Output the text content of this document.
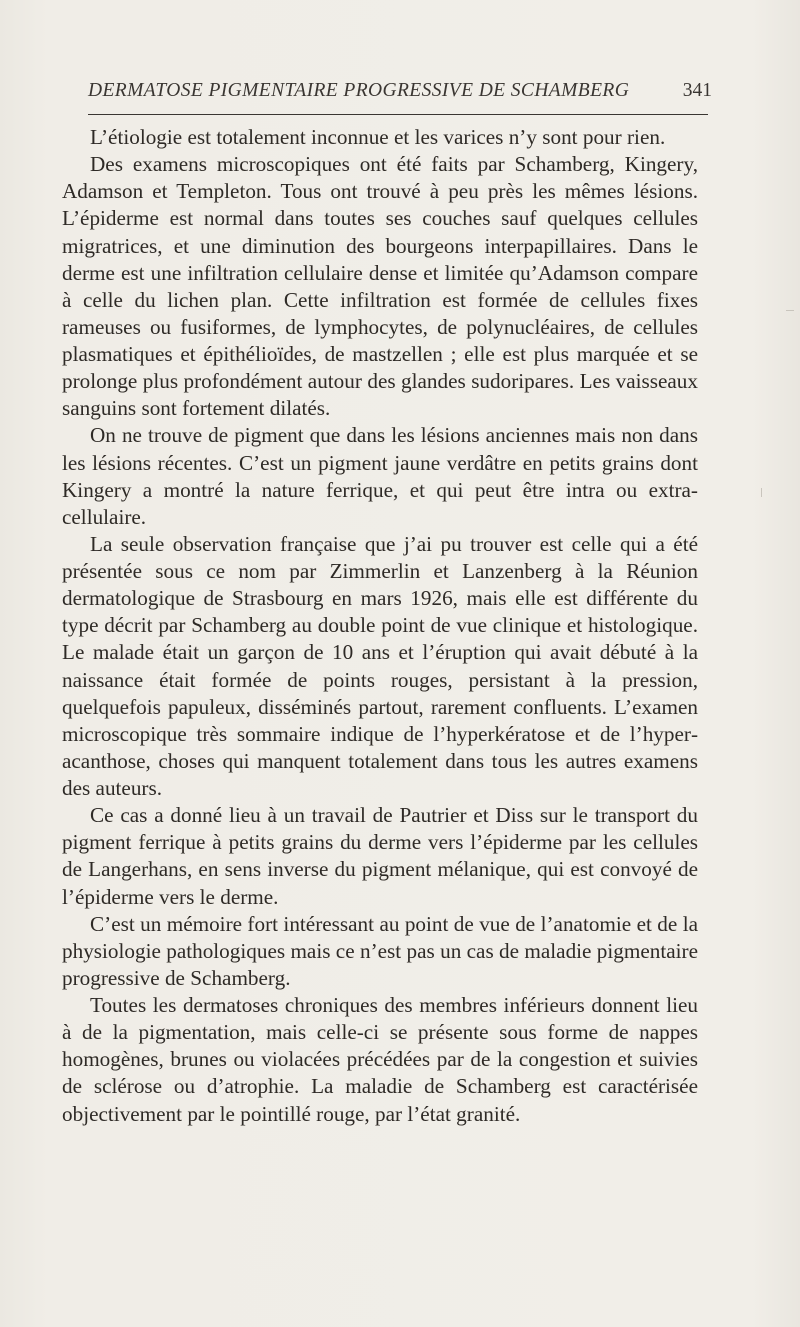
DERMATOSE PIGMENTAIRE PROGRESSIVE DE SCHAMBERG	341

L’étiologie est totalement inconnue et les varices n’y sont pour rien.

Des examens microscopiques ont été faits par Schamberg, Kingery, Adamson et Templeton. Tous ont trouvé à peu près les mêmes lésions. L’épiderme est normal dans toutes ses couches sauf quelques cellules migratrices, et une diminution des bourgeons interpapillaires. Dans le derme est une infiltration cellulaire dense et limitée qu’Adamson compare à celle du lichen plan. Cette infiltration est formée de cellules fixes rameuses ou fusiformes, de lymphocytes, de polynucléaires, de cellules plasmatiques et épithélioïdes, de mastzellen ; elle est plus marquée et se prolonge plus profondément autour des glandes sudoripares. Les vaisseaux sanguins sont fortement dilatés.

On ne trouve de pigment que dans les lésions anciennes mais non dans les lésions récentes. C’est un pigment jaune verdâtre en petits grains dont Kingery a montré la nature ferrique, et qui peut être intra ou extra-cellulaire.

La seule observation française que j’ai pu trouver est celle qui a été présentée sous ce nom par Zimmerlin et Lanzenberg à la Réunion dermatologique de Strasbourg en mars 1926, mais elle est différente du type décrit par Schamberg au double point de vue clinique et histologique. Le malade était un garçon de 10 ans et l’éruption qui avait débuté à la naissance était formée de points rouges, persistant à la pression, quelquefois papuleux, disséminés partout, rarement confluents. L’examen microscopique très sommaire indique de l’hyperkératose et de l’hyperacanthose, choses qui manquent totalement dans tous les autres examens des auteurs.

Ce cas a donné lieu à un travail de Pautrier et Diss sur le transport du pigment ferrique à petits grains du derme vers l’épiderme par les cellules de Langerhans, en sens inverse du pigment mélanique, qui est convoyé de l’épiderme vers le derme.

C’est un mémoire fort intéressant au point de vue de l’anatomie et de la physiologie pathologiques mais ce n’est pas un cas de maladie pigmentaire progressive de Schamberg.

Toutes les dermatoses chroniques des membres inférieurs donnent lieu à de la pigmentation, mais celle-ci se présente sous forme de nappes homogènes, brunes ou violacées précédées par de la congestion et suivies de sclérose ou d’atrophie. La maladie de Schamberg est caractérisée objectivement par le pointillé rouge, par l’état granité.
